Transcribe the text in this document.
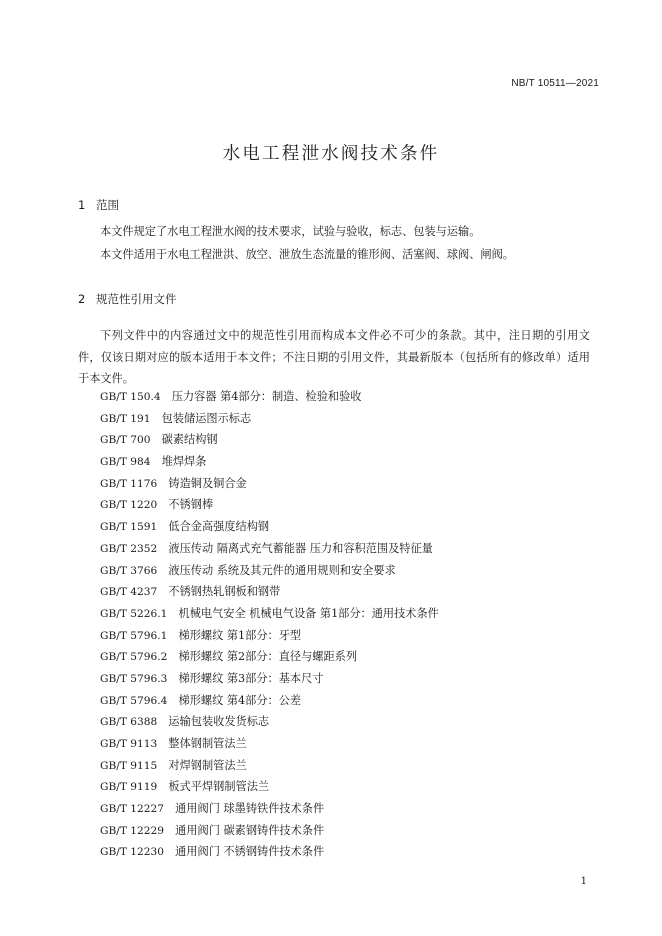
NB/T 10511—2021
水电工程泄水阀技术条件
1 范围

本文件规定了水电工程泄水阀的技术要求，试验与验收，标志、包装与运输。

本文件适用于水电工程泄洪、放空、泄放生态流量的锥形阀、活塞阀、球阀、闸阀。

2 规范性引用文件

下列文件中的内容通过文中的规范性引用而构成本文件必不可少的条款。其中，注日期的引用文件，仅该日期对应的版本适用于本文件；不注日期的引用文件，其最新版本（包括所有的修改单）适用于本文件。

GB/T 150.4  压力容器 第4部分：制造、检验和验收
GB/T 191  包装储运图示标志
GB/T 700  碳素结构钢
GB/T 984  堆焊焊条
GB/T 1176  铸造铜及铜合金
GB/T 1220  不锈钢棒
GB/T 1591  低合金高强度结构钢
GB/T 2352  液压传动 隔离式充气蓄能器 压力和容积范围及特征量
GB/T 3766  液压传动 系统及其元件的通用规则和安全要求
GB/T 4237  不锈钢热轧钢板和钢带
GB/T 5226.1  机械电气安全 机械电气设备 第1部分：通用技术条件
GB/T 5796.1  梯形螺纹 第1部分：牙型
GB/T 5796.2  梯形螺纹 第2部分：直径与螺距系列
GB/T 5796.3  梯形螺纹 第3部分：基本尺寸
GB/T 5796.4  梯形螺纹 第4部分：公差
GB/T 6388  运输包装收发货标志
GB/T 9113  整体钢制管法兰
GB/T 9115  对焊钢制管法兰
GB/T 9119  板式平焊钢制管法兰
GB/T 12227  通用阀门 球墨铸铁件技术条件
GB/T 12229  通用阀门 碳素钢铸件技术条件
GB/T 12230  通用阀门 不锈钢铸件技术条件
1
